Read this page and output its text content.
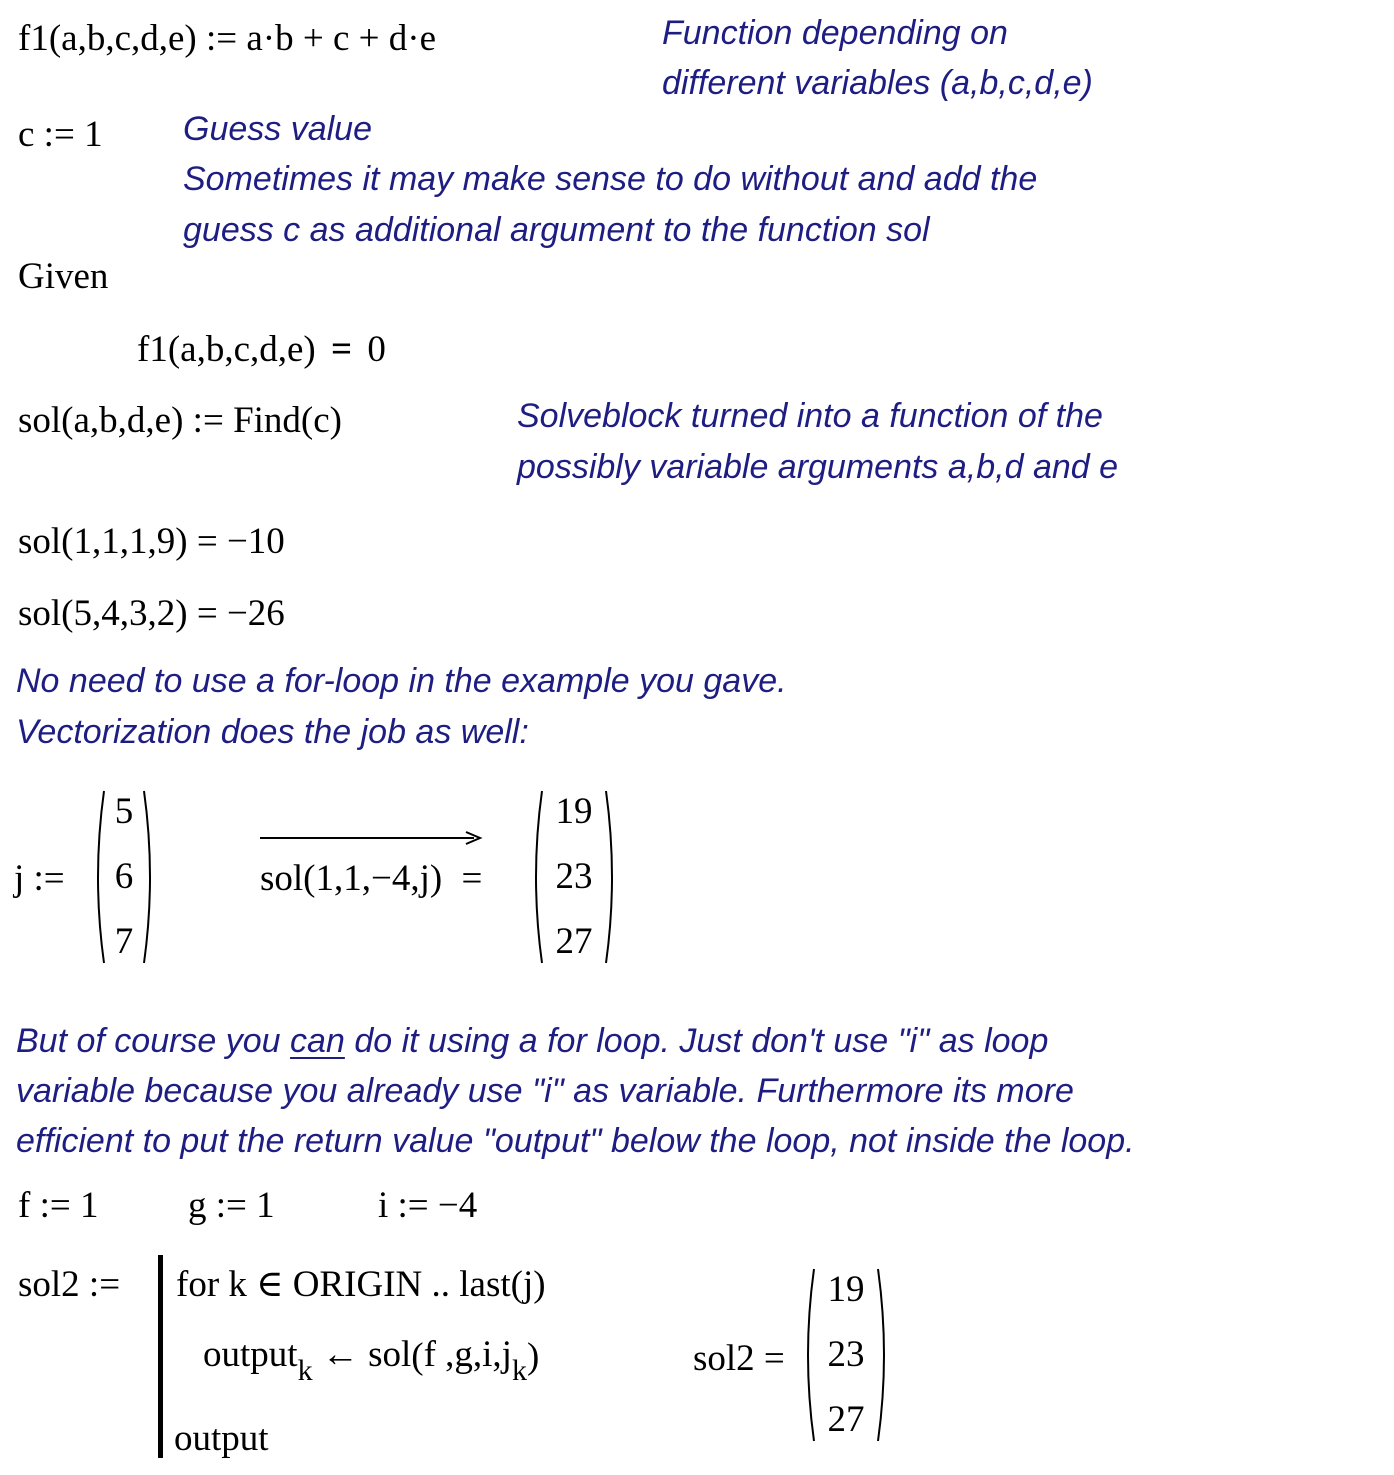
f1(a,b,c,d,e) := a·b + c + d·e	Function depending on
different variables (a,b,c,d,e)
c := 1 Guess value
Sometimes it may make sense to do without and add the
guess c as additional argument to the function sol
Given
f1(a,b,c,d,e) = 0
sol(a,b,d,e) := Find(c)	Solveblock turned into a function of the
possibly variable arguments a,b,d and e
sol(1,1,1,9) = −10
sol(5,4,3,2) = −26
No need to use a for-loop in the example you gave.
Vectorization does the job as well:
j :=
5
6
7
sol(1,1,−4,j) =
19
23
27
But of course you can do it using a for loop. Just don't use "i" as loop
variable because you already use "i" as variable. Furthermore its more
efficient to put the return value "output" below the loop, not inside the loop.
f := 1 g := 1	i := −4
sol2 := for k ∈ ORIGIN .. last(j)
output$_k$ ← sol(f $,g,i,j_k$)
output
sol2 =
19
23
27
